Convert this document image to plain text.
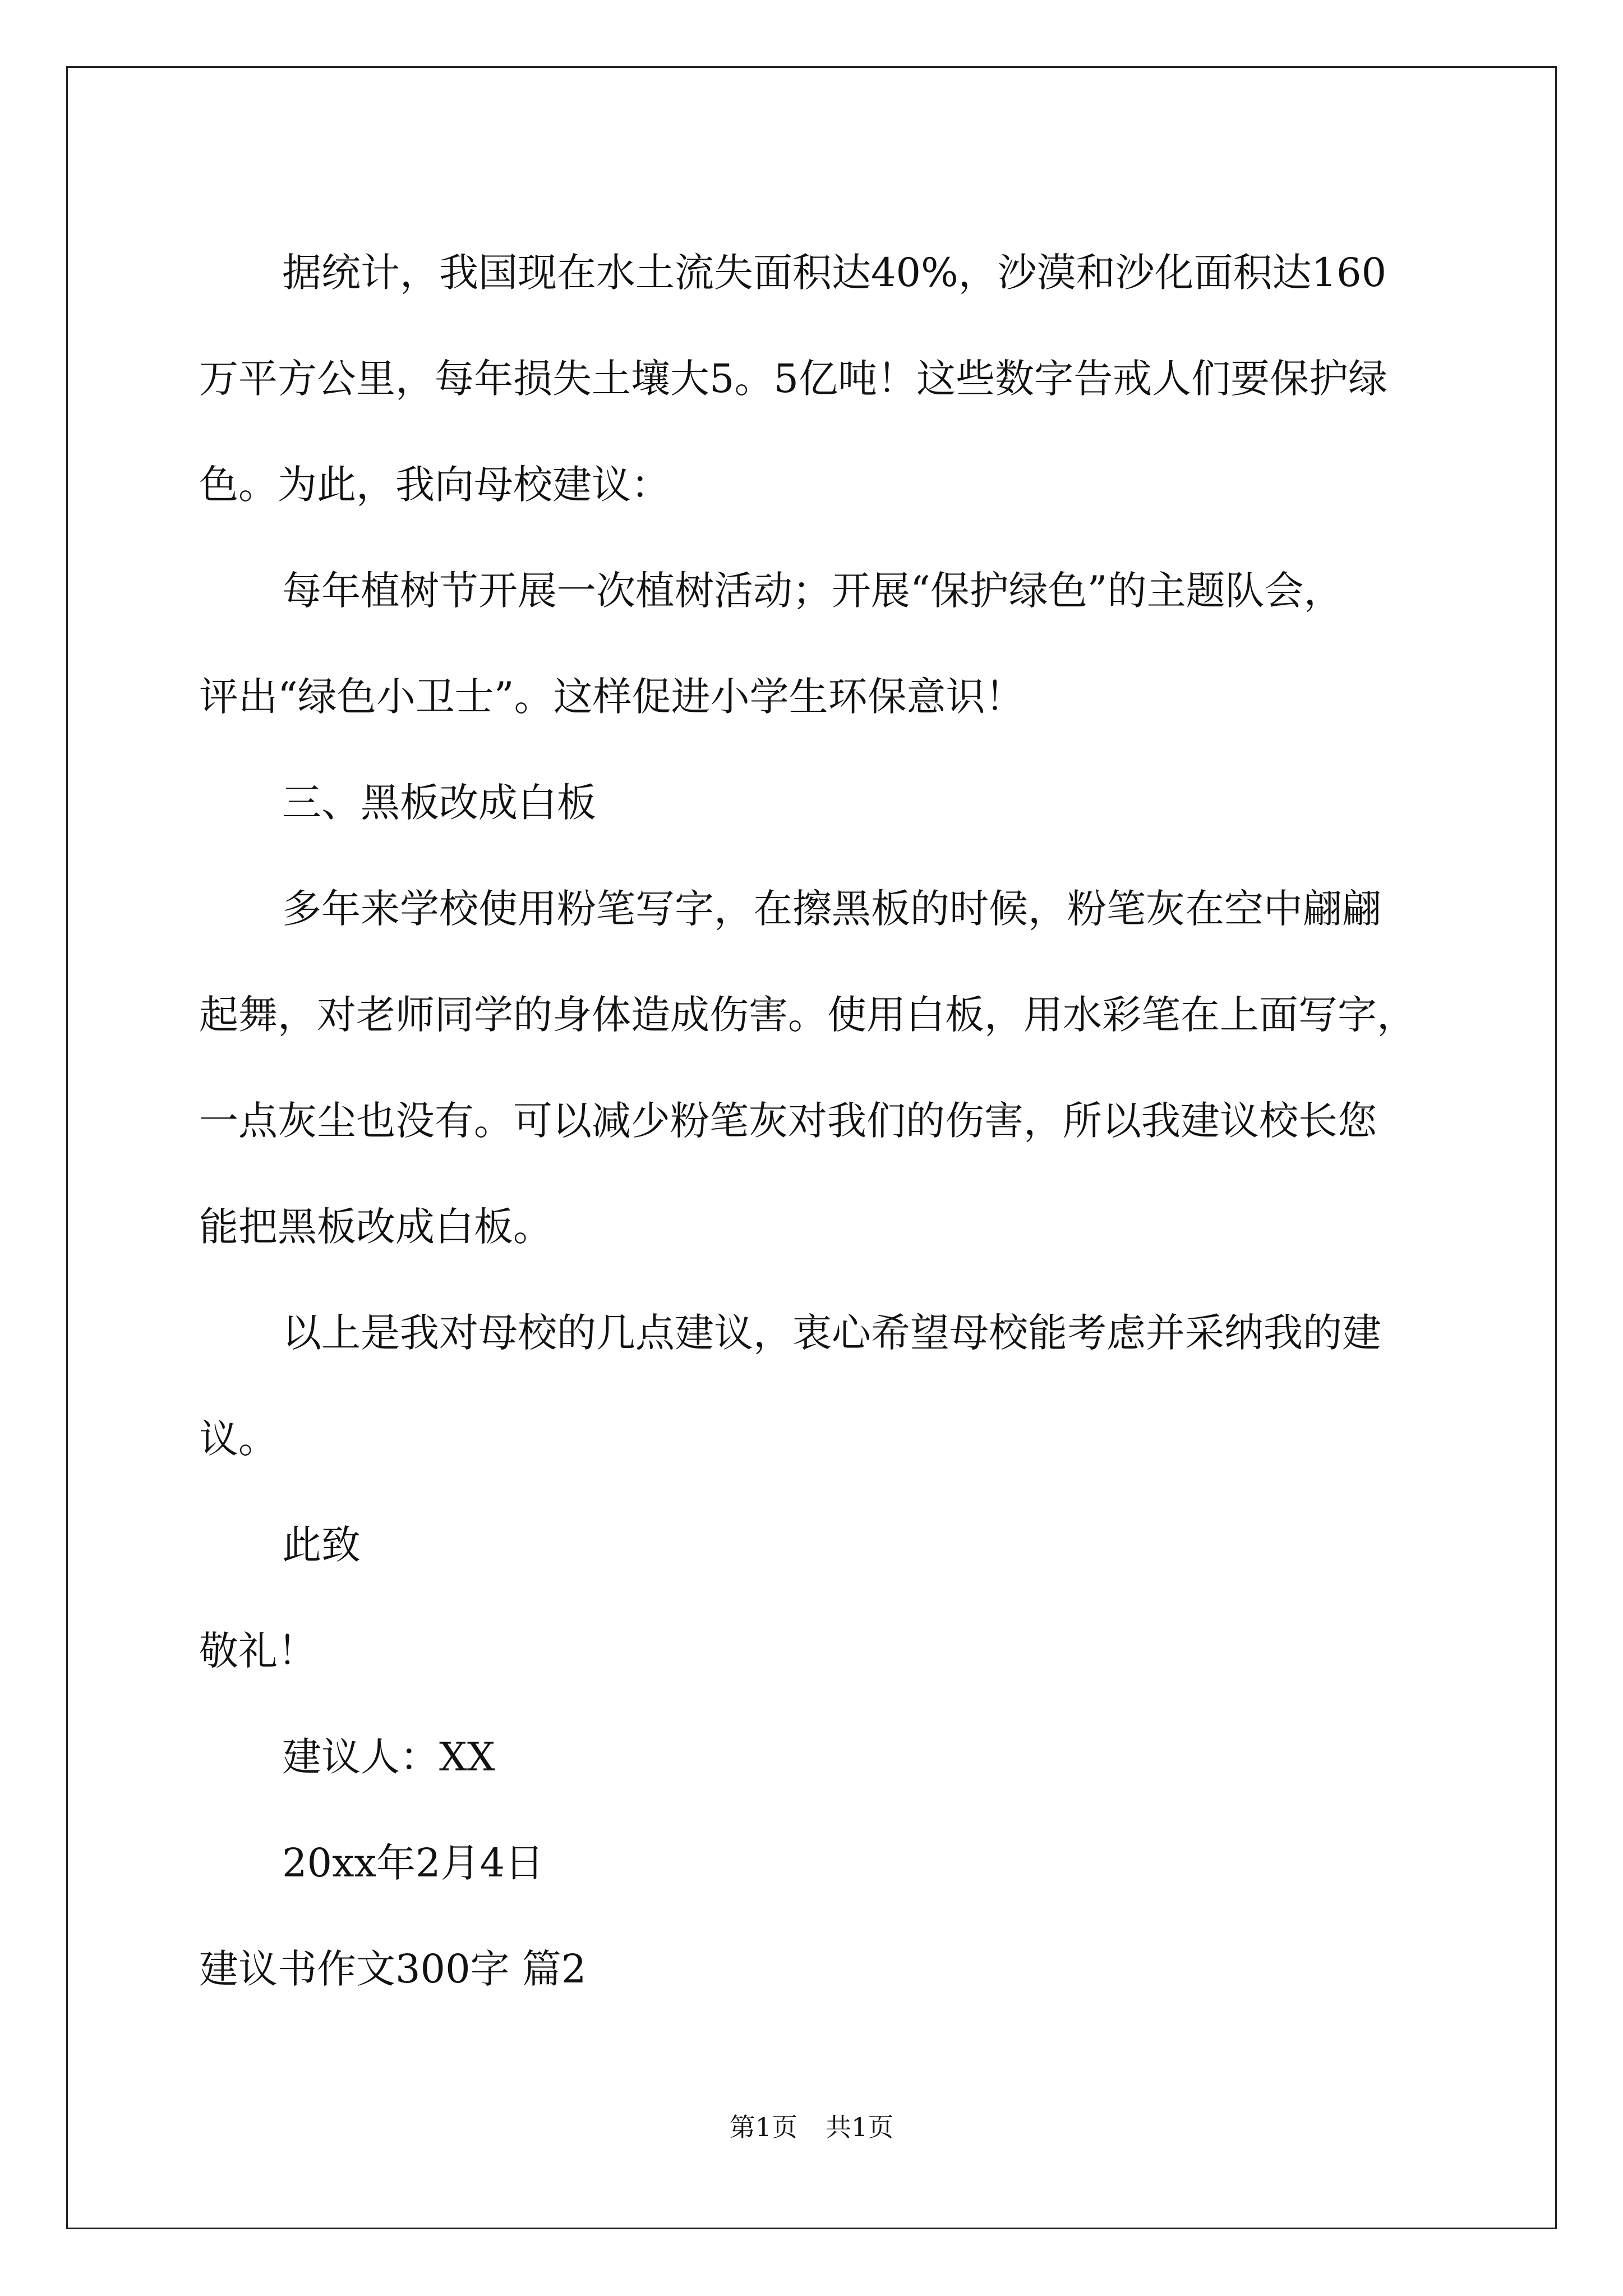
据统计，我国现在水土流失面积达40%，沙漠和沙化面积达160
万平方公里，每年损失土壤大5。5亿吨！这些数字告戒人们要保护绿
色。为此，我向母校建议：
每年植树节开展一次植树活动；开展“保护绿色”的主题队会，
评出“绿色小卫士”。这样促进小学生环保意识！
三、黑板改成白板
多年来学校使用粉笔写字，在擦黑板的时候，粉笔灰在空中翩翩
起舞，对老师同学的身体造成伤害。使用白板，用水彩笔在上面写字，
一点灰尘也没有。可以减少粉笔灰对我们的伤害，所以我建议校长您
能把黑板改成白板。
以上是我对母校的几点建议，衷心希望母校能考虑并采纳我的建
议。
此致
敬礼！
建议人：XX
20xx年2月4日
建议书作文300字 篇2
第1页 共1页
